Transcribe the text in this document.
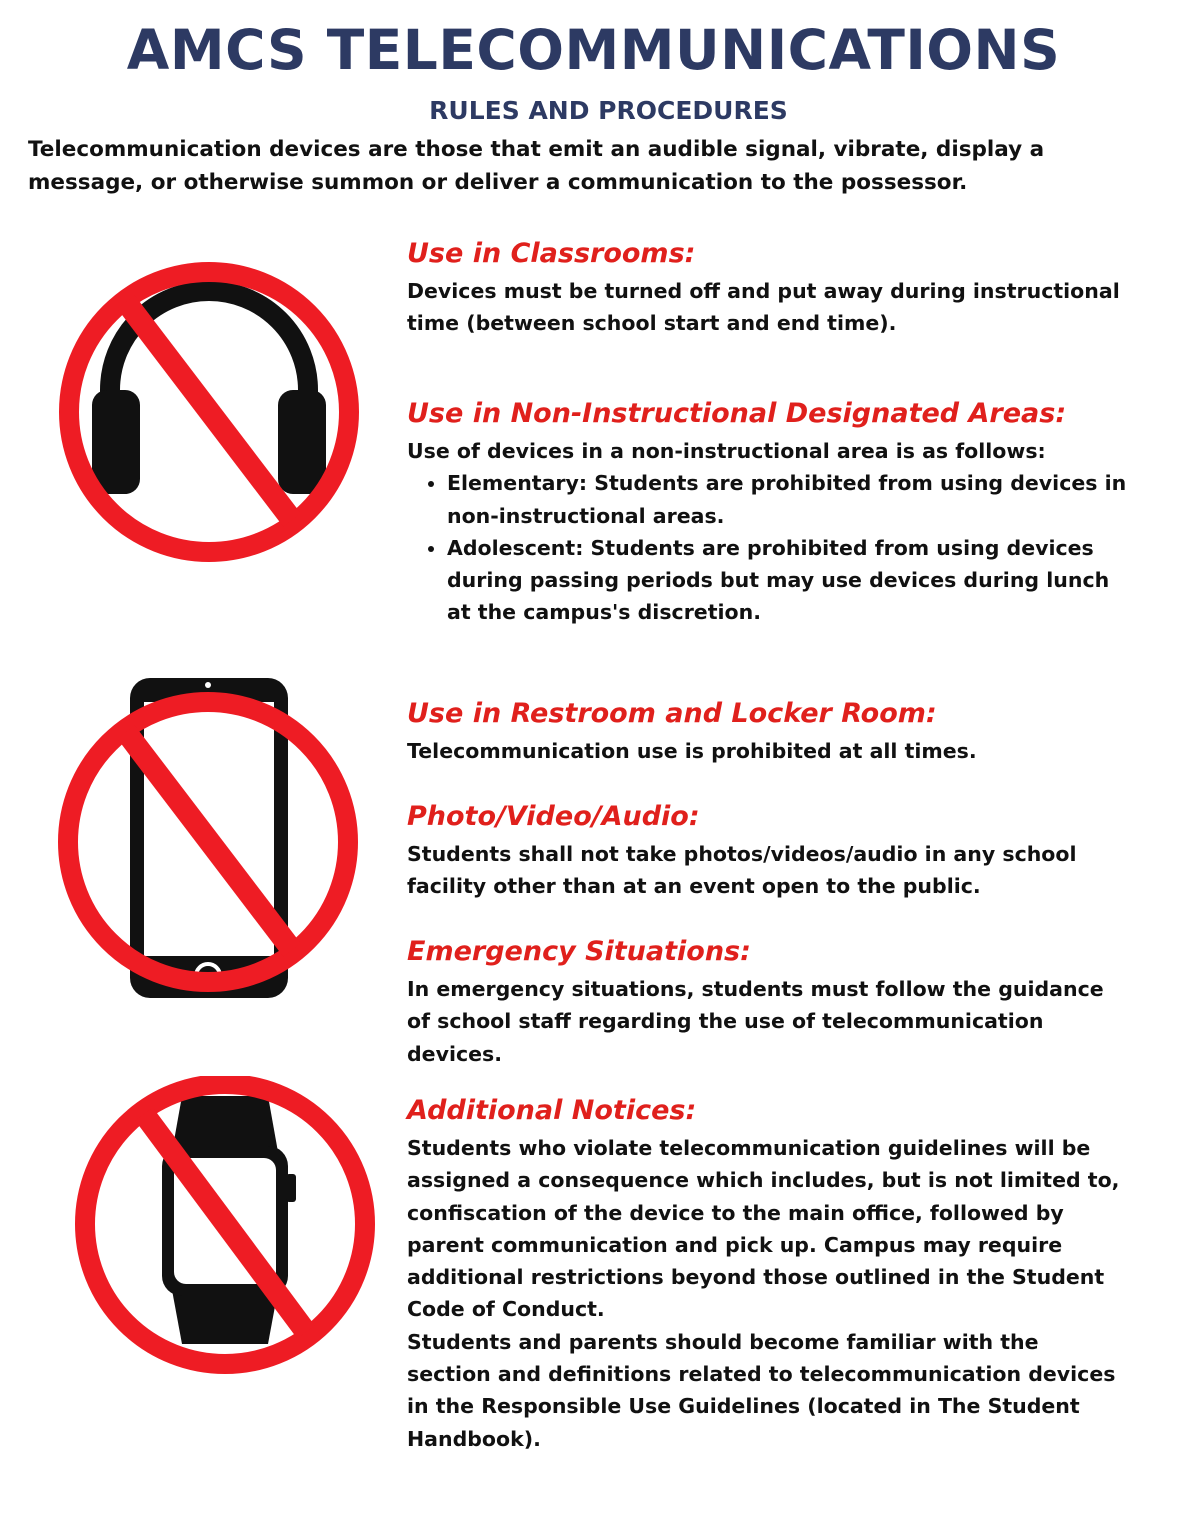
AMCS TELECOMMUNICATIONS
RULES AND PROCEDURES

Telecommunication devices are those that emit an audible signal, vibrate, display a message, or otherwise summon or deliver a communication to the possessor.

Use in Classrooms:

Devices must be turned off and put away during instructional time (between school start and end time).

Use in Non-Instructional Designated Areas:

Use of devices in a non-instructional area is as follows:

• Elementary: Students are prohibited from using devices in non-instructional areas.
• Adolescent: Students are prohibited from using devices during passing periods but may use devices during lunch at the campus's discretion.
Use in Restroom and Locker Room:

Telecommunication use is prohibited at all times.

Photo/Video/Audio:

Students shall not take photos/videos/audio in any school facility other than at an event open to the public.

Emergency Situations:

In emergency situations, students must follow the guidance of school staff regarding the use of telecommunication devices.

Additional Notices:

Students who violate telecommunication guidelines will be assigned a consequence which includes, but is not limited to, confiscation of the device to the main office, followed by parent communication and pick up. Campus may require additional restrictions beyond those outlined in the Student Code of Conduct.

Students and parents should become familiar with the section and definitions related to telecommunication devices in the Responsible Use Guidelines (located in The Student Handbook).
